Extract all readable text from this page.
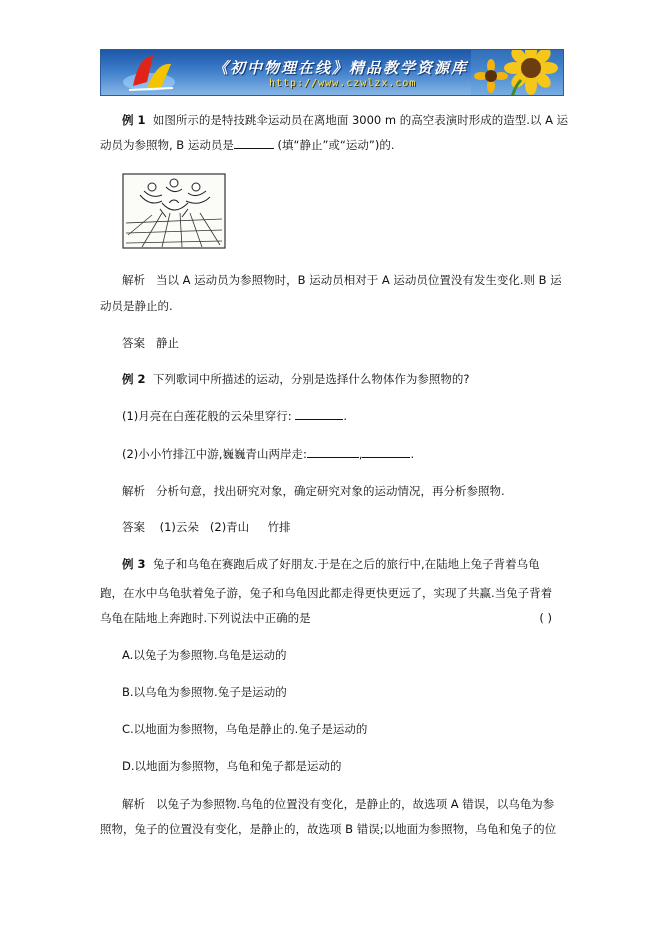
《初中物理在线》精品教学资源库
http://www.czwlzx.com

例 1 如图所示的是特技跳伞运动员在离地面 3000 m 的高空表演时形成的造型.以 A 运

动员为参照物, B 运动员是	(填“静止”或“运动”)的.

解析 当以 A 运动员为参照物时，B 运动员相对于 A 运动员位置没有发生变化.则 B 运

动员是静止的.

答案 静止

例 2 下列歌词中所描述的运动，分别是选择什么物体作为参照物的?

(1)月亮在白莲花般的云朵里穿行:	.

(2)小小竹排江中游,巍巍青山两岸走:	,	.

解析 分析句意，找出研究对象，确定研究对象的运动情况，再分析参照物.

答案 (1)云朵 (2)青山 竹排

例 3 兔子和乌龟在赛跑后成了好朋友.于是在之后的旅行中,在陆地上兔子背着乌龟

跑，在水中乌龟驮着兔子游，兔子和乌龟因此都走得更快更远了，实现了共赢.当兔子背着

乌龟在陆地上奔跑时.下列说法中正确的是	( )

A.以兔子为参照物.乌龟是运动的

B.以乌龟为参照物.兔子是运动的

C.以地面为参照物，乌龟是静止的.兔子是运动的

D.以地面为参照物，乌龟和兔子都是运动的

解析 以兔子为参照物.乌龟的位置没有变化，是静止的，故选项 A 错误，以乌龟为参

照物，兔子的位置没有变化，是静止的，故选项 B 错误;以地面为参照物，乌龟和兔子的位
